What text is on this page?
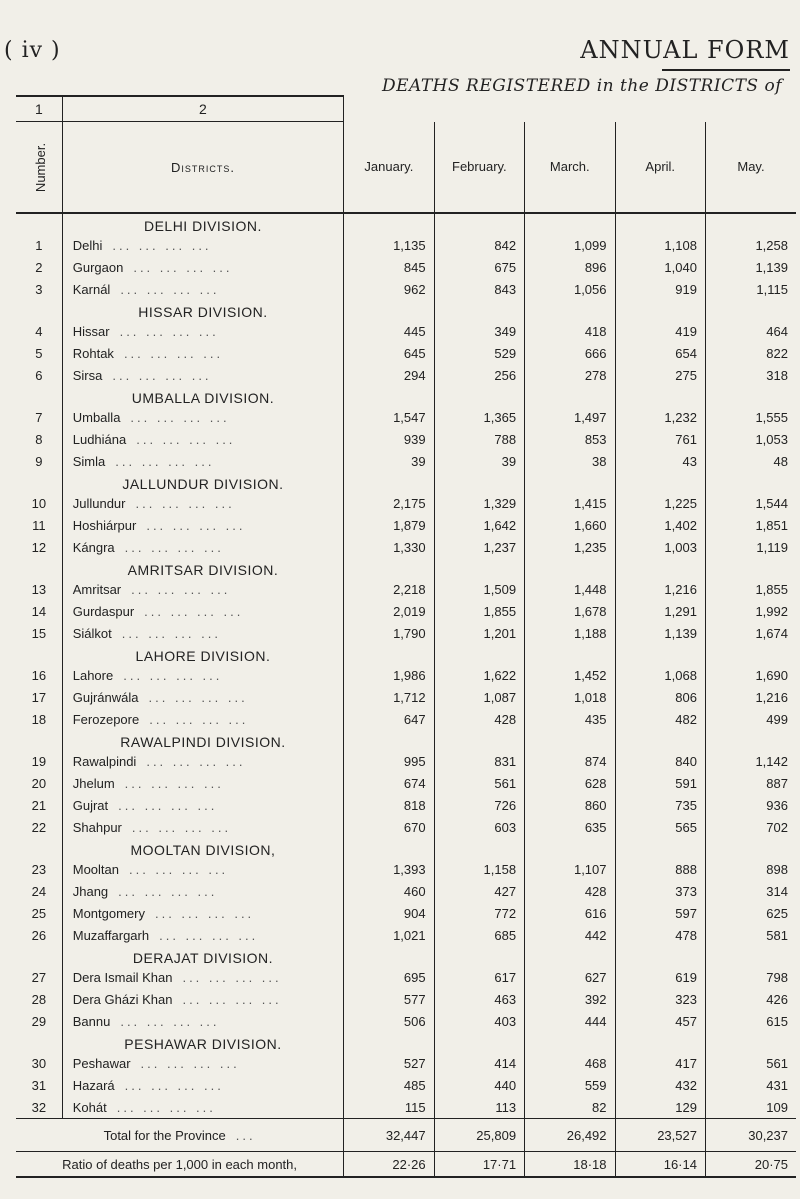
( iv )	ANNUAL FORM
DEATHS REGISTERED in the DISTRICTS of
1	2					
Number.	Districts.	January.	February.	March.	April.	May.
	DELHI DIVISION.					
1	Delhi ... ... ... ...	1,135	842	1,099	1,108	1,258
2	Gurgaon ... ... ... ...	845	675	896	1,040	1,139
3	Karnál ... ... ... ...	962	843	1,056	919	1,115
	HISSAR DIVISION.					
4	Hissar ... ... ... ...	445	349	418	419	464
5	Rohtak ... ... ... ...	645	529	666	654	822
6	Sirsa ... ... ... ...	294	256	278	275	318
	UMBALLA DIVISION.					
7	Umballa ... ... ... ...	1,547	1,365	1,497	1,232	1,555
8	Ludhiána ... ... ... ...	939	788	853	761	1,053
9	Simla ... ... ... ...	39	39	38	43	48
	JALLUNDUR DIVISION.					
10	Jullundur ... ... ... ...	2,175	1,329	1,415	1,225	1,544
11	Hoshiárpur ... ... ... ...	1,879	1,642	1,660	1,402	1,851
12	Kángra ... ... ... ...	1,330	1,237	1,235	1,003	1,119
	AMRITSAR DIVISION.					
13	Amritsar ... ... ... ...	2,218	1,509	1,448	1,216	1,855
14	Gurdaspur ... ... ... ...	2,019	1,855	1,678	1,291	1,992
15	Siálkot ... ... ... ...	1,790	1,201	1,188	1,139	1,674
	LAHORE DIVISION.					
16	Lahore ... ... ... ...	1,986	1,622	1,452	1,068	1,690
17	Gujránwála ... ... ... ...	1,712	1,087	1,018	806	1,216
18	Ferozepore ... ... ... ...	647	428	435	482	499
	RAWALPINDI DIVISION.					
19	Rawalpindi ... ... ... ...	995	831	874	840	1,142
20	Jhelum ... ... ... ...	674	561	628	591	887
21	Gujrat ... ... ... ...	818	726	860	735	936
22	Shahpur ... ... ... ...	670	603	635	565	702
	MOOLTAN DIVISION,					
23	Mooltan ... ... ... ...	1,393	1,158	1,107	888	898
24	Jhang ... ... ... ...	460	427	428	373	314
25	Montgomery ... ... ... ...	904	772	616	597	625
26	Muzaffargarh ... ... ... ...	1,021	685	442	478	581
	DERAJAT DIVISION.					
27	Dera Ismail Khan ... ... ... ...	695	617	627	619	798
28	Dera Gházi Khan ... ... ... ...	577	463	392	323	426
29	Bannu ... ... ... ...	506	403	444	457	615
	PESHAWAR DIVISION.					
30	Peshawar ... ... ... ...	527	414	468	417	561
31	Hazará ... ... ... ...	485	440	559	432	431
32	Kohát ... ... ... ...	115	113	82	129	109
Total for the Province ...		32,447	25,809	26,492	23,527	30,237
Ratio of deaths per 1,000 in each month,		22·26	17·71	18·18	16·14	20·75
